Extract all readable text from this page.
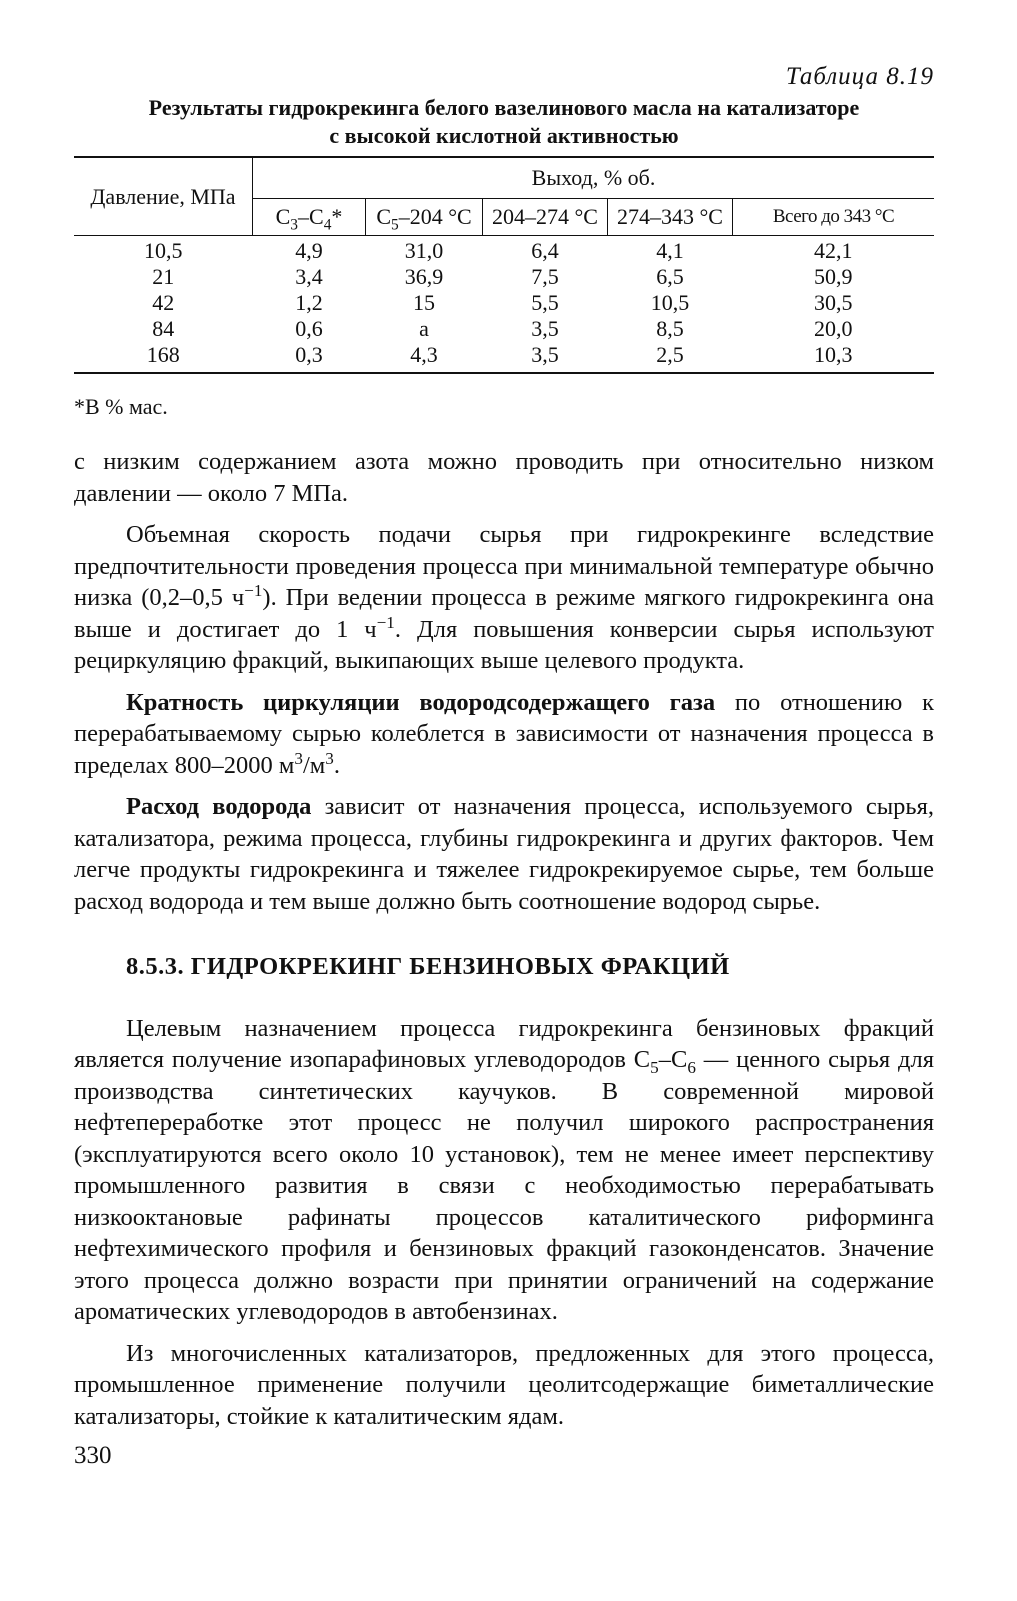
Таблица 8.19
Результаты гидрокрекинга белого вазелинового масла на катализаторе
с высокой кислотной активностью
Давление, МПа	Выход, % об.				
	$C_3-C_4*$	$C_5-204$ °C	204–274 °C	274–343 °C	Всего до 343 °C
10,5	4,9	31,0	6,4	4,1	42,1
21	3,4	36,9	7,5	6,5	50,9
42	1,2	15	5,5	10,5	30,5
84	0,6	а	3,5	8,5	20,0
168	0,3	4,3	3,5	2,5	10,3
*В % мас.

с низким содержанием азота можно проводить при относительно низком давлении — около 7 МПа.

Объемная скорость подачи сырья при гидрокрекинге вследствие предпочтительности проведения процесса при минимальной температуре обычно низка (0,2–0,5 $ч^{-1}$). При ведении процесса в режиме мягкого гидрокрекинга она выше и достигает до 1 $ч^{-1}$. Для повышения конверсии сырья используют рециркуляцию фракций, выкипающих выше целевого продукта.

Кратность циркуляции водородсодержащего газа по отношению к перерабатываемому сырью колеблется в зависимости от назначения процесса в пределах 800–2000 $м^3/м^3$.

Расход водорода зависит от назначения процесса, используемого сырья, катализатора, режима процесса, глубины гидрокрекинга и других факторов. Чем легче продукты гидрокрекинга и тяжелее гидрокрекируемое сырье, тем больше расход водорода и тем выше должно быть соотношение водород сырье.

8.5.3. ГИДРОКРЕКИНГ БЕНЗИНОВЫХ ФРАКЦИЙ

Целевым назначением процесса гидрокрекинга бензиновых фракций является получение изопарафиновых углеводородов $С_5-С_6$ — ценного сырья для производства синтетических каучуков. В современной мировой нефтепереработке этот процесс не получил широкого распространения (эксплуатируются всего около 10 установок), тем не менее имеет перспективу промышленного развития в связи с необходимостью перерабатывать низкооктановые рафинаты процессов каталитического риформинга нефтехимического профиля и бензиновых фракций газоконденсатов. Значение этого процесса должно возрасти при принятии ограничений на содержание ароматических углеводородов в автобензинах.

Из многочисленных катализаторов, предложенных для этого процесса, промышленное применение получили цеолитсодержащие биметаллические катализаторы, стойкие к каталитическим ядам.

330
